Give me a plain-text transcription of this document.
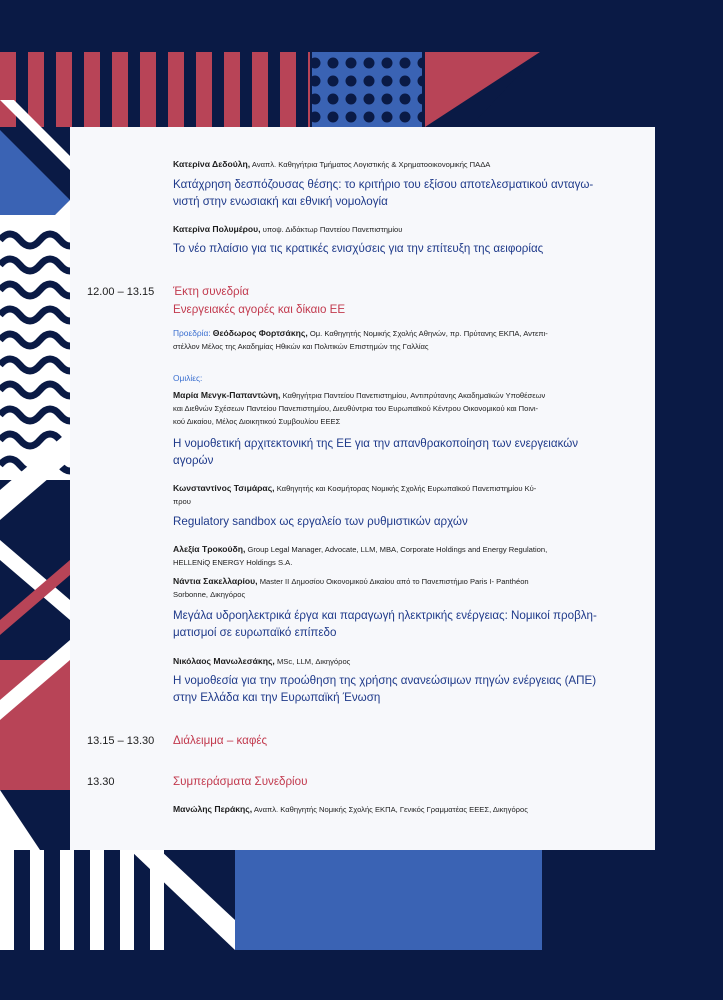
Κατερίνα Δεδούλη, Αναπλ. Καθηγήτρια Τμήματος Λογιστικής & Χρηματοοικονομικής ΠΑΔΑ
Κατάχρηση δεσπόζουσας θέσης: το κριτήριο του εξίσου αποτελεσματικού ανταγω-
νιστή στην ενωσιακή και εθνική νομολογία
Κατερίνα Πολυμέρου, υποψ. Διδάκτωρ Παντείου Πανεπιστημίου
Το νέο πλαίσιο για τις κρατικές ενισχύσεις για την επίτευξη της αειφορίας
12.00 – 13.15 Έκτη συνεδρία
Ενεργειακές αγορές και δίκαιο ΕΕ
Προεδρία: Θεόδωρος Φορτσάκης, Ομ. Καθηγητής Νομικής Σχολής Αθηνών, πρ. Πρύτανης ΕΚΠΑ, Αντεπι-
στέλλον Μέλος της Ακαδημίας Ηθικών και Πολιτικών Επιστημών της Γαλλίας
Ομιλίες:
Μαρία Μενγκ-Παπαντώνη, Καθηγήτρια Παντείου Πανεπιστημίου, Αντιπρύτανης Ακαδημαϊκών Υποθέσεων
και Διεθνών Σχέσεων Παντείου Πανεπιστημίου, Διευθύντρια του Ευρωπαϊκού Κέντρου Οικονομικού και Ποινι-
κού Δικαίου, Μέλος Διοικητικού Συμβουλίου ΕΕΕΣ
Η νομοθετική αρχιτεκτονική της ΕΕ για την απανθρακοποίηση των ενεργειακών
αγορών
Κωνσταντίνος Τσιμάρας, Καθηγητής και Κοσμήτορας Νομικής Σχολής Ευρωπαϊκού Πανεπιστημίου Κύ-
πρου
Regulatory sandbox ως εργαλείο των ρυθμιστικών αρχών
Αλεξία Τροκούδη, Group Legal Manager, Advocate, LLM, MBA, Corporate Holdings and Energy Regulation,
HELLENiQ ENERGY Holdings S.A.
Νάντια Σακελλαρίου, Master II Δημοσίου Οικονομικού Δικαίου από το Πανεπιστήμιο Paris I- Panthéon
Sorbonne, Δικηγόρος
Μεγάλα υδροηλεκτρικά έργα και παραγωγή ηλεκτρικής ενέργειας: Νομικοί προβλη-
ματισμοί σε ευρωπαϊκό επίπεδο
Νικόλαος Μανωλεσάκης, MSc, LLM, Δικηγόρος
Η νομοθεσία για την προώθηση της χρήσης ανανεώσιμων πηγών ενέργειας (ΑΠΕ)
στην Ελλάδα και την Ευρωπαϊκή Ένωση
13.15 – 13.30 Διάλειμμα – καφές
13.30	Συμπεράσματα Συνεδρίου
Μανώλης Περάκης, Αναπλ. Καθηγητής Νομικής Σχολής ΕΚΠΑ, Γενικός Γραμματέας ΕΕΕΣ, Δικηγόρος
